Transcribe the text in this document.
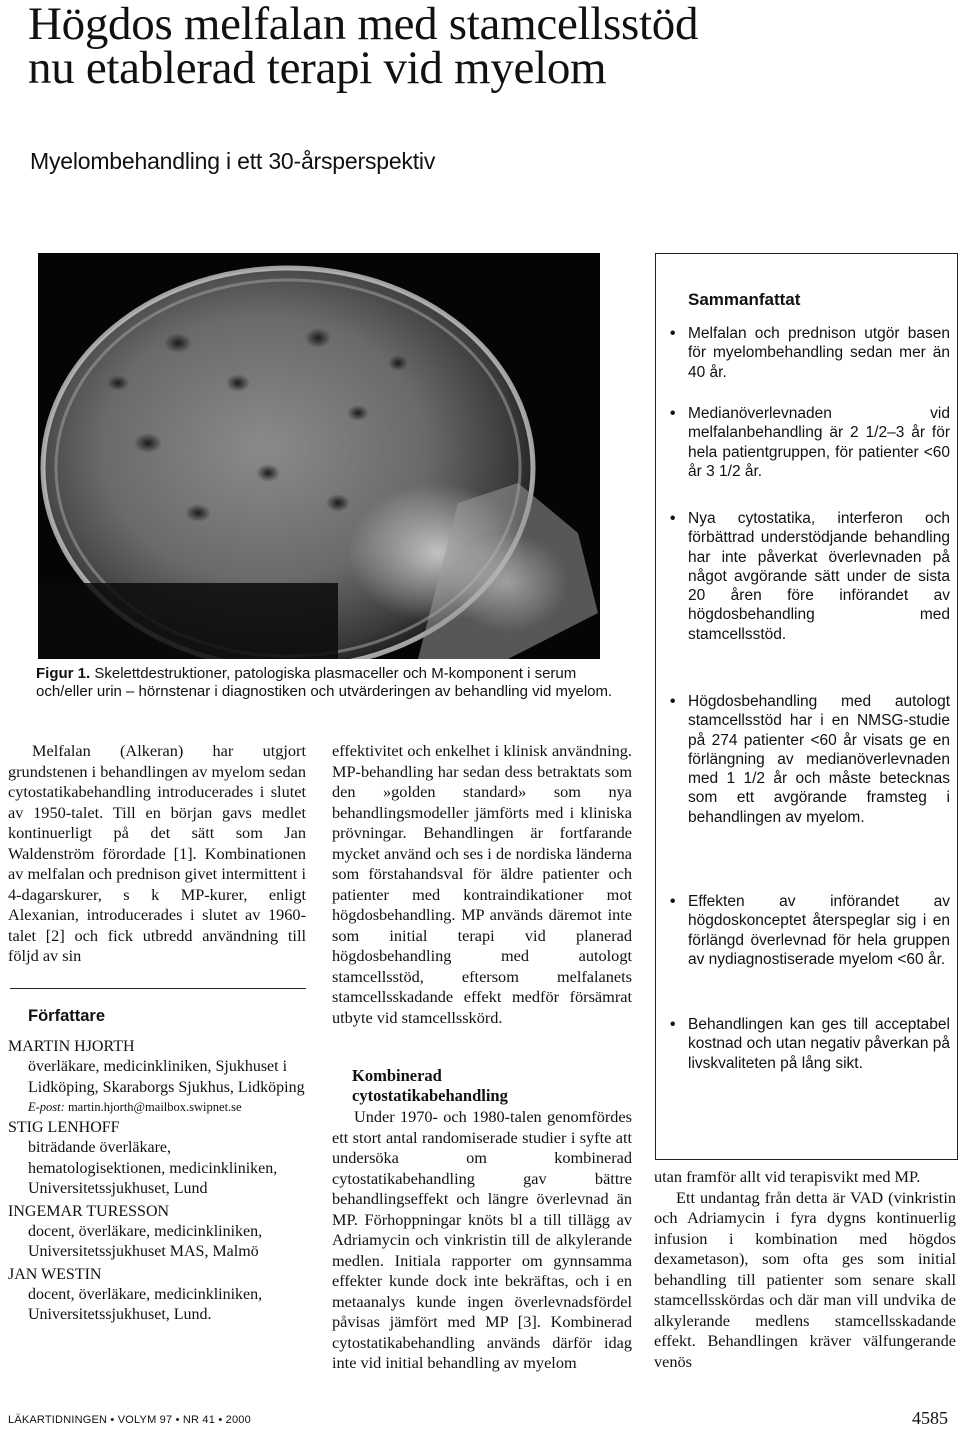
Högdos melfalan med stamcellsstöd
nu etablerad terapi vid myelom
Myelombehandling i ett 30-årsperspektiv
Figur 1. Skelettdestruktioner, patologiska plasmaceller och M-komponent i serum och/eller urin – hörnstenar i diagnostiken och utvärderingen av behandling vid myelom.
Sammanfattat
• Melfalan och prednison utgör basen för myelombehandling sedan mer än 40 år.
• Medianöverlevnaden vid melfalanbehandling är 2 1/2–3 år för hela patientgruppen, för patienter <60 år 3 1/2 år.
• Nya cytostatika, interferon och förbättrad understödjande behandling har inte påverkat överlevnaden på något avgörande sätt under de sista 20 åren före införandet av högdosbehandling med stamcellsstöd.
• Högdosbehandling med autologt stamcellsstöd har i en NMSG-studie på 274 patienter <60 år visats ge en förlängning av medianöverlevnaden med 1 1/2 år och måste betecknas som ett avgörande framsteg i behandlingen av myelom.
• Effekten av införandet av högdoskonceptet återspeglar sig i en förlängd överlevnad för hela gruppen av nydiagnostiserade myelom <60 år.
• Behandlingen kan ges till acceptabel kostnad och utan negativ påverkan på livskvaliteten på lång sikt.

Melfalan (Alkeran) har utgjort grundstenen i behandlingen av myelom sedan cytostatikabehandling introducerades i slutet av 1950-talet. Till en början gavs medlet kontinuerligt på det sätt som Jan Waldenström förordade [1]. Kombinationen av melfalan och prednison givet intermittent i 4-dagarskurer, s k MP-kurer, enligt Alexanian, introducerades i slutet av 1960-talet [2] och fick utbredd användning till följd av sin

Författare
MARTIN HJORTH
överläkare, medicinkliniken, Sjukhuset i Lidköping, Skaraborgs Sjukhus, Lidköping
E-post: martin.hjorth@mailbox.swipnet.se
STIG LENHOFF
biträdande överläkare, hematologisektionen, medicinkliniken, Universitetssjukhuset, Lund
INGEMAR TURESSON
docent, överläkare, medicinkliniken, Universitetssjukhuset MAS, Malmö
JAN WESTIN
docent, överläkare, medicinkliniken, Universitetssjukhuset, Lund.

effektivitet och enkelhet i klinisk användning. MP-behandling har sedan dess betraktats som den »golden standard» som nya behandlingsmodeller jämförts med i kliniska prövningar. Behandlingen är fortfarande mycket använd och ses i de nordiska länderna som förstahandsval för äldre patienter och patienter med kontraindikationer mot högdosbehandling. MP används däremot inte som initial terapi vid planerad högdosbehandling med autologt stamcellsstöd, eftersom melfalanets stamcellsskadande effekt medför försämrat utbyte vid stamcellsskörd.

Kombinerad
cytostatikabehandling

Under 1970- och 1980-talen genomfördes ett stort antal randomiserade studier i syfte att undersöka om kombinerad cytostatikabehandling gav bättre behandlingseffekt och längre överlevnad än MP. Förhoppningar knöts bl a till tillägg av Adriamycin och vinkristin till de alkylerande medlen. Initiala rapporter om gynnsamma effekter kunde dock inte bekräftas, och i en metaanalys kunde ingen överlevnadsfördel påvisas jämfört med MP [3]. Kombinerad cytostatikabehandling används därför idag inte vid initial behandling av myelom

utan framför allt vid terapisvikt med MP.

Ett undantag från detta är VAD (vinkristin och Adriamycin i fyra dygns kontinuerlig infusion i kombination med högdos dexametason), som ofta ges som initial behandling till patienter som senare skall stamcellsskördas och där man vill undvika de alkylerande medlens stamcellsskadande effekt. Behandlingen kräver välfungerande venös

LÄKARTIDNINGEN • VOLYM 97 • NR 41 • 2000	4585
